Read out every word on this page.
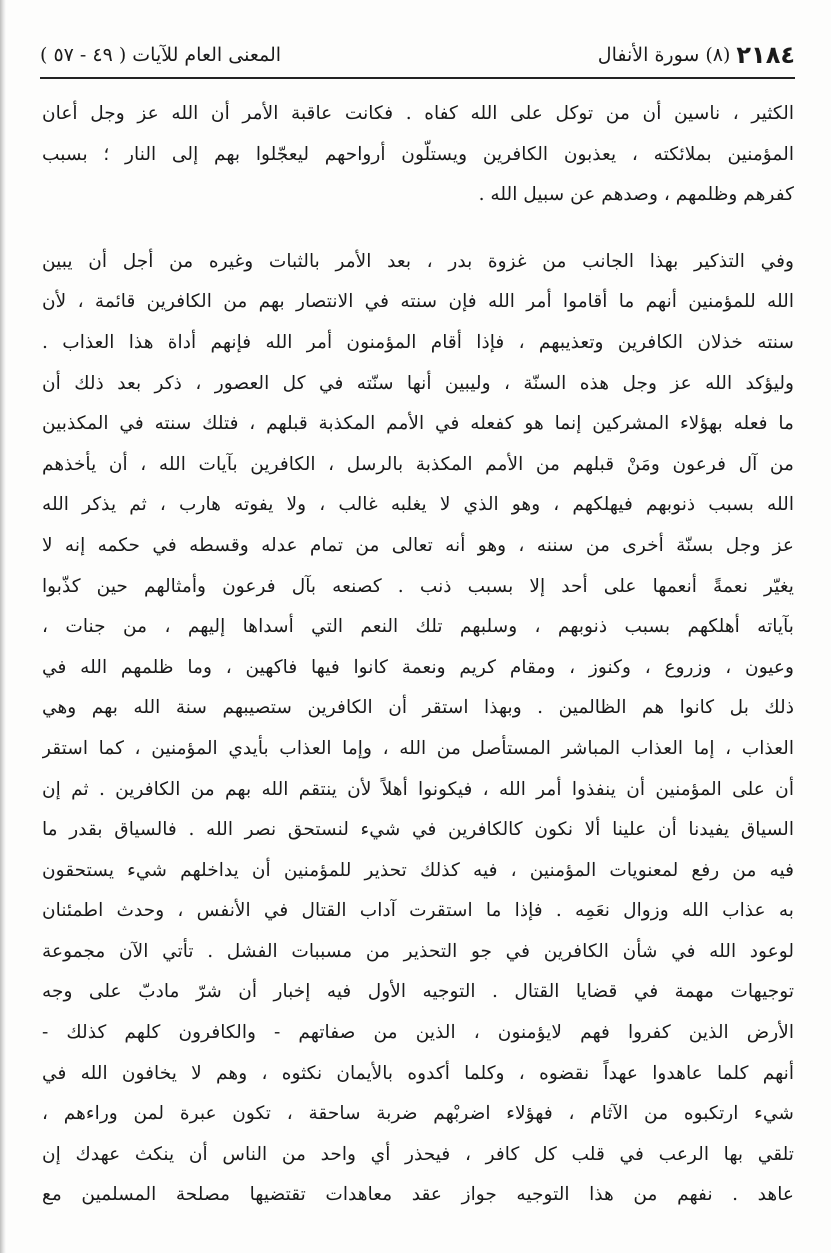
٢١٨٤
(٨) سورة الأنفال
المعنى العام للآيات ( ٤٩ - ٥٧ )
الكثير ، ناسين أن من توكل على الله كفاه . فكانت عاقبة الأمر أن الله عز وجل أعان
المؤمنين بملائكته ، يعذبون الكافرين ويستلّون أرواحهم ليعجّلوا بهم إلى النار ؛ بسبب
كفرهم وظلمهم ، وصدهم عن سبيل الله .
وفي التذكير بهذا الجانب من غزوة بدر ، بعد الأمر بالثبات وغيره من أجل أن يبين
الله للمؤمنين أنهم ما أقاموا أمر الله فإن سنته في الانتصار بهم من الكافرين قائمة ، لأن
سنته خذلان الكافرين وتعذيبهم ، فإذا أقام المؤمنون أمر الله فإنهم أداة هذا العذاب .
وليؤكد الله عز وجل هذه السنّة ، وليبين أنها سنّته في كل العصور ، ذكر بعد ذلك أن
ما فعله بهؤلاء المشركين إنما هو كفعله في الأمم المكذبة قبلهم ، فتلك سنته في المكذبين
من آل فرعون ومَنْ قبلهم من الأمم المكذبة بالرسل ، الكافرين بآيات الله ، أن يأخذهم
الله بسبب ذنوبهم فيهلكهم ، وهو الذي لا يغلبه غالب ، ولا يفوته هارب ، ثم يذكر الله
عز وجل بسنّة أخرى من سننه ، وهو أنه تعالى من تمام عدله وقسطه في حكمه إنه لا
يغيّر نعمةً أنعمها على أحد إلا بسبب ذنب . كصنعه بآل فرعون وأمثالهم حين كذّبوا
بآياته أهلكهم بسبب ذنوبهم ، وسلبهم تلك النعم التي أسداها إليهم ، من جنات ،
وعيون ، وزروع ، وكنوز ، ومقام كريم ونعمة كانوا فيها فاكهين ، وما ظلمهم الله في
ذلك بل كانوا هم الظالمين . وبهذا استقر أن الكافرين ستصيبهم سنة الله بهم وهي
العذاب ، إما العذاب المباشر المستأصل من الله ، وإما العذاب بأيدي المؤمنين ، كما استقر
أن على المؤمنين أن ينفذوا أمر الله ، فيكونوا أهلاً لأن ينتقم الله بهم من الكافرين . ثم إن
السياق يفيدنا أن علينا ألا نكون كالكافرين في شيء لنستحق نصر الله . فالسياق بقدر ما
فيه من رفع لمعنويات المؤمنين ، فيه كذلك تحذير للمؤمنين أن يداخلهم شيء يستحقون
به عذاب الله وزوال نعَمِه . فإذا ما استقرت آداب القتال في الأنفس ، وحدث اطمئنان
لوعود الله في شأن الكافرين في جو التحذير من مسببات الفشل . تأتي الآن مجموعة
توجيهات مهمة في قضايا القتال . التوجيه الأول فيه إخبار أن شرّ مادبّ على وجه
الأرض الذين كفروا فهم لايؤمنون ، الذين من صفاتهم - والكافرون كلهم كذلك -
أنهم كلما عاهدوا عهداً نقضوه ، وكلما أكدوه بالأيمان نكثوه ، وهم لا يخافون الله في
شيء ارتكبوه من الآثام ، فهؤلاء اضربْهم ضربة ساحقة ، تكون عبرة لمن وراءهم ،
تلقي بها الرعب في قلب كل كافر ، فيحذر أي واحد من الناس أن ينكث عهدك إن
عاهد . نفهم من هذا التوجيه جواز عقد معاهدات تقتضيها مصلحة المسلمين مع
